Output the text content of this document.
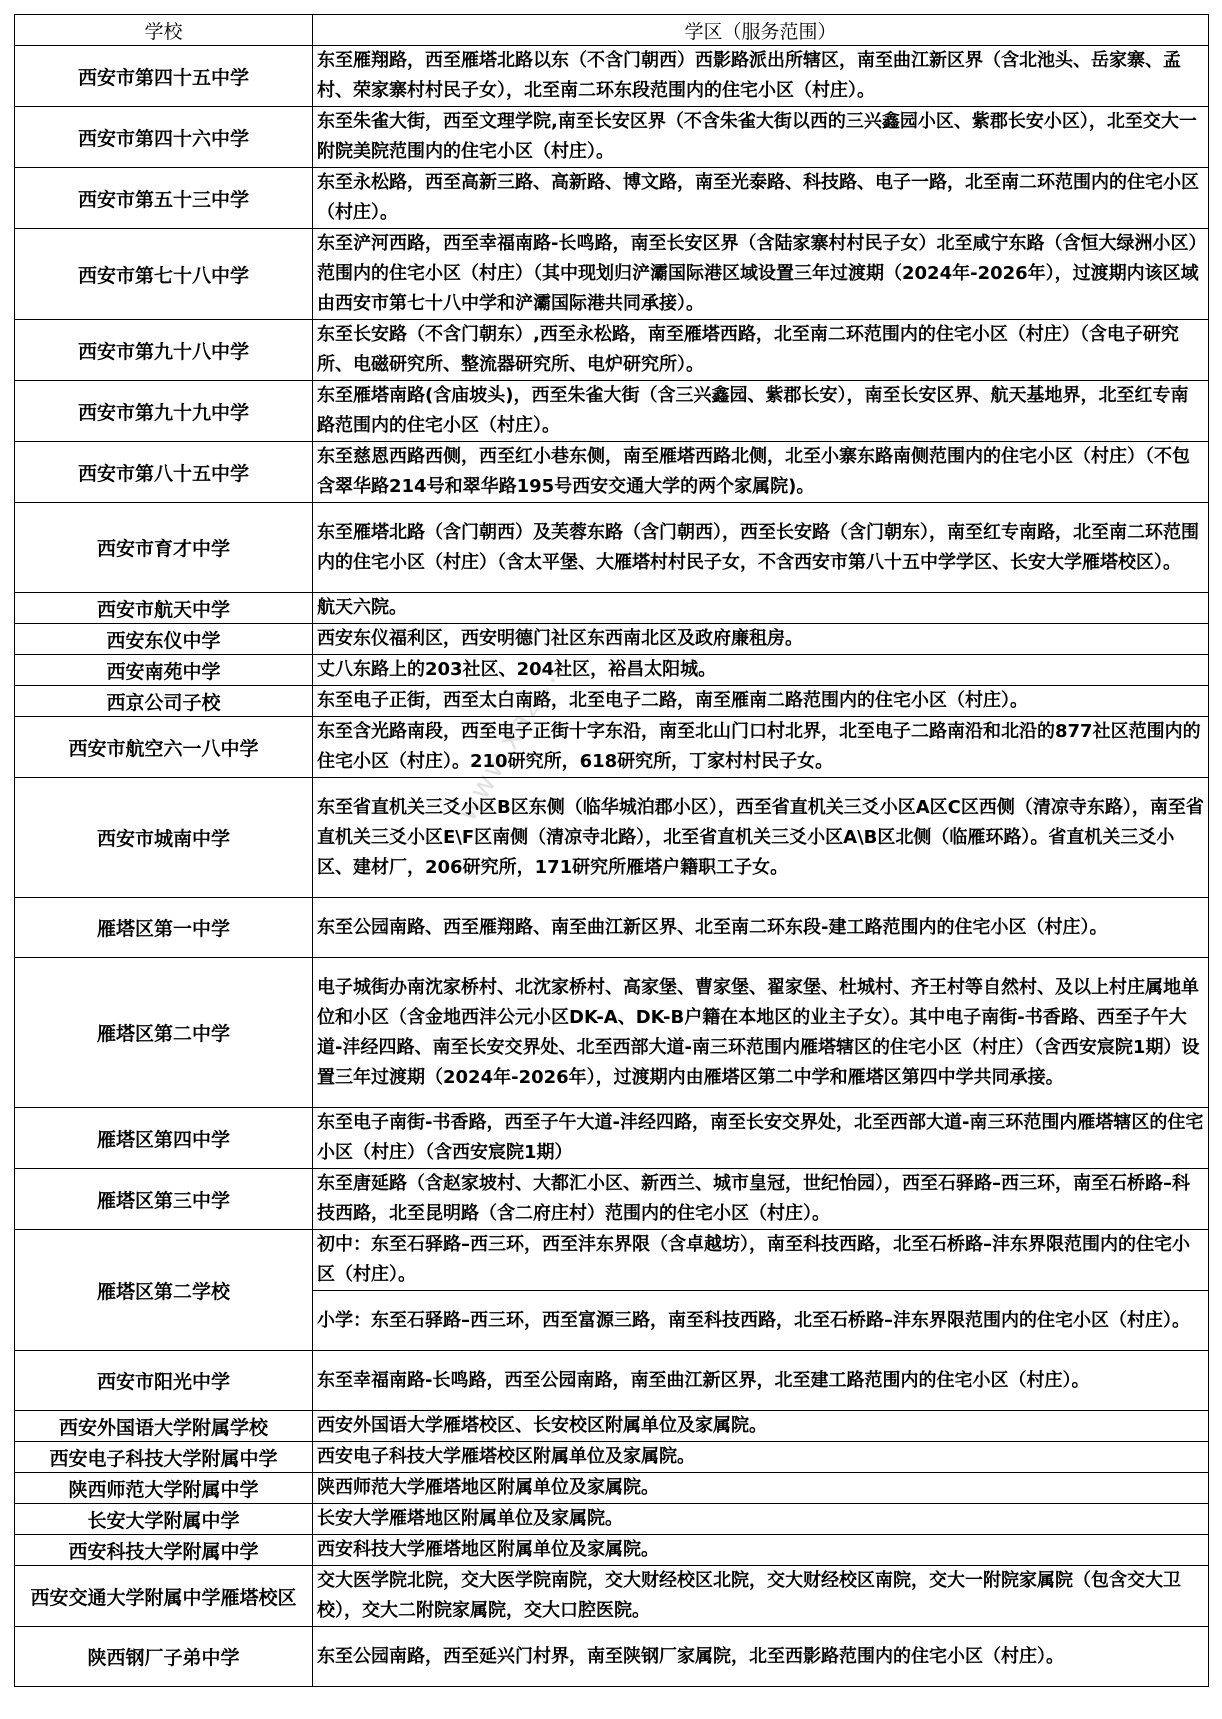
学校	学区（服务范围）
西安市第四十五中学	东至雁翔路，西至雁塔北路以东（不含门朝西）西影路派出所辖区，南至曲江新区界（含北池头、岳家寨、孟村、荣家寨村村民子女），北至南二环东段范围内的住宅小区（村庄）。
西安市第四十六中学	东至朱雀大街，西至文理学院,南至长安区界（不含朱雀大街以西的三兴鑫园小区、紫郡长安小区），北至交大一附院美院范围内的住宅小区（村庄）。
西安市第五十三中学	东至永松路，西至高新三路、高新路、博文路，南至光泰路、科技路、电子一路，北至南二环范围内的住宅小区（村庄）。
西安市第七十八中学	东至浐河西路，西至幸福南路-长鸣路，南至长安区界（含陆家寨村村民子女）北至咸宁东路（含恒大绿洲小区）范围内的住宅小区（村庄）（其中现划归浐灞国际港区域设置三年过渡期（2024年-2026年），过渡期内该区域由西安市第七十八中学和浐灞国际港共同承接）。
西安市第九十八中学	东至长安路（不含门朝东）,西至永松路，南至雁塔西路，北至南二环范围内的住宅小区（村庄）（含电子研究所、电磁研究所、整流器研究所、电炉研究所）。
西安市第九十九中学	东至雁塔南路(含庙坡头)，西至朱雀大街（含三兴鑫园、紫郡长安），南至长安区界、航天基地界，北至红专南路范围内的住宅小区（村庄）。
西安市第八十五中学	东至慈恩西路西侧，西至红小巷东侧，南至雁塔西路北侧，北至小寨东路南侧范围内的住宅小区（村庄）（不包含翠华路214号和翠华路195号西安交通大学的两个家属院)。
西安市育才中学	东至雁塔北路（含门朝西）及芙蓉东路（含门朝西），西至长安路（含门朝东），南至红专南路，北至南二环范围内的住宅小区（村庄）（含太平堡、大雁塔村村民子女，不含西安市第八十五中学学区、长安大学雁塔校区）。
西安市航天中学	航天六院。
西安东仪中学	西安东仪福利区，西安明德门社区东西南北区及政府廉租房。
西安南苑中学	丈八东路上的203社区、204社区，裕昌太阳城。
西京公司子校	东至电子正街，西至太白南路，北至电子二路，南至雁南二路范围内的住宅小区（村庄）。
西安市航空六一八中学	东至含光路南段，西至电子正街十字东沿，南至北山门口村北界，北至电子二路南沿和北沿的877社区范围内的住宅小区（村庄）。210研究所，618研究所，丁家村村民子女。
西安市城南中学	东至省直机关三爻小区B区东侧（临华城泊郡小区），西至省直机关三爻小区A区C区西侧（清凉寺东路），南至省直机关三爻小区E\F区南侧（清凉寺北路），北至省直机关三爻小区A\B区北侧（临雁环路）。省直机关三爻小区、建材厂，206研究所，171研究所雁塔户籍职工子女。
雁塔区第一中学	东至公园南路、西至雁翔路、南至曲江新区界、北至南二环东段-建工路范围内的住宅小区（村庄）。
雁塔区第二中学	电子城街办南沈家桥村、北沈家桥村、高家堡、曹家堡、翟家堡、杜城村、齐王村等自然村、及以上村庄属地单位和小区（含金地西沣公元小区DK-A、DK-B户籍在本地区的业主子女）。其中电子南街-书香路、西至子午大道-沣经四路、南至长安交界处、北至西部大道-南三环范围内雁塔辖区的住宅小区（村庄）（含西安宸院1期）设置三年过渡期（2024年-2026年），过渡期内由雁塔区第二中学和雁塔区第四中学共同承接。
雁塔区第四中学	东至电子南街-书香路，西至子午大道-沣经四路，南至长安交界处，北至西部大道-南三环范围内雁塔辖区的住宅小区（村庄）（含西安宸院1期）
雁塔区第三中学	东至唐延路（含赵家坡村、大都汇小区、新西兰、城市皇冠，世纪怡园），西至石驿路–西三环，南至石桥路–科技西路，北至昆明路（含二府庄村）范围内的住宅小区（村庄）。
雁塔区第二学校	初中：东至石驿路–西三环，西至沣东界限（含卓越坊），南至科技西路，北至石桥路–沣东界限范围内的住宅小区（村庄）。
	小学：东至石驿路–西三环，西至富源三路，南至科技西路，北至石桥路–沣东界限范围内的住宅小区（村庄）。
西安市阳光中学	东至幸福南路-长鸣路，西至公园南路，南至曲江新区界，北至建工路范围内的住宅小区（村庄）。
西安外国语大学附属学校	西安外国语大学雁塔校区、长安校区附属单位及家属院。
西安电子科技大学附属中学	西安电子科技大学雁塔校区附属单位及家属院。
陕西师范大学附属中学	陕西师范大学雁塔地区附属单位及家属院。
长安大学附属中学	长安大学雁塔地区附属单位及家属院。
西安科技大学附属中学	西安科技大学雁塔地区附属单位及家属院。
西安交通大学附属中学雁塔校区	交大医学院北院，交大医学院南院，交大财经校区北院，交大财经校区南院，交大一附院家属院（包含交大卫校），交大二附院家属院，交大口腔医院。
陕西钢厂子弟中学	东至公园南路，西至延兴门村界，南至陕钢厂家属院，北至西影路范围内的住宅小区（村庄）。
www.xaz...
